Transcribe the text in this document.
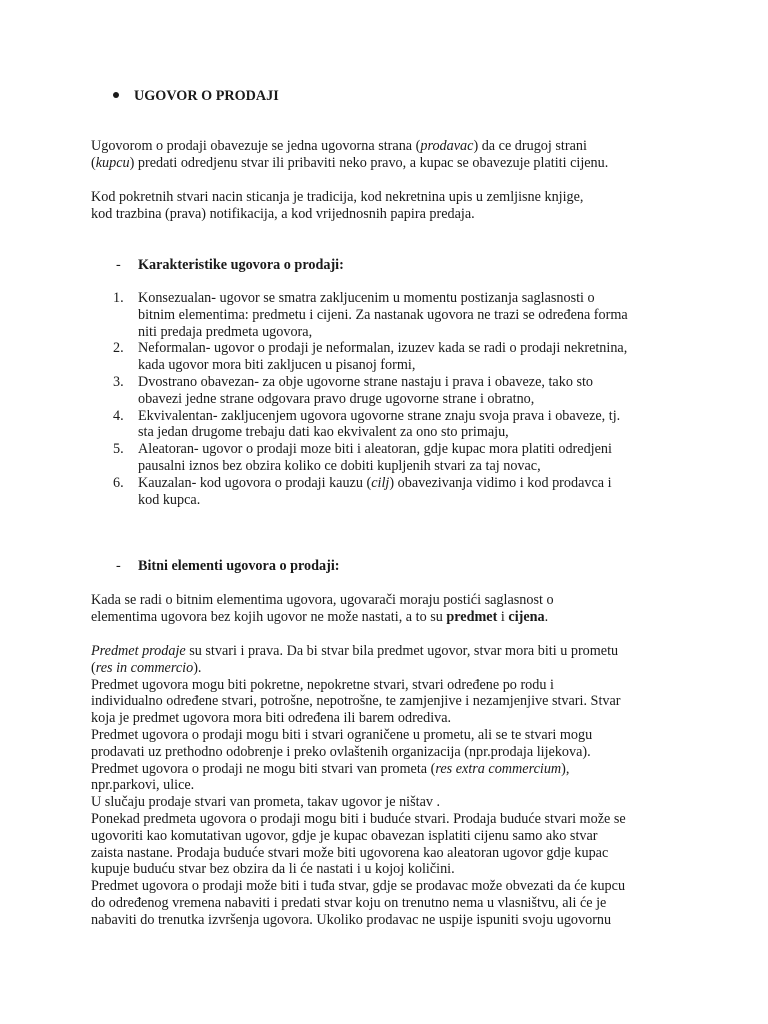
UGOVOR O PRODAJI

Ugovorom o prodaji obavezuje se jedna ugovorna strana (prodavac) da ce drugoj strani

(kupcu) predati odredjenu stvar ili pribaviti neko pravo, a kupac se obavezuje platiti cijenu.

Kod pokretnih stvari nacin sticanja je tradicija, kod nekretnina upis u zemljisne knjige,

kod trazbina (prava) notifikacija, a kod vrijednosnih papira predaja.

- Karakteristike ugovora o prodaji:
1. Konsezualan- ugovor se smatra zakljucenim u momentu postizanja saglasnosti o
bitnim elementima: predmetu i cijeni. Za nastanak ugovora ne trazi se određena forma
niti predaja predmeta ugovora,
2. Neformalan- ugovor o prodaji je neformalan, izuzev kada se radi o prodaji nekretnina,
kada ugovor mora biti zakljucen u pisanoj formi,
3. Dvostrano obavezan- za obje ugovorne strane nastaju i prava i obaveze, tako sto
obavezi jedne strane odgovara pravo druge ugovorne strane i obratno,
4. Ekvivalentan- zakljucenjem ugovora ugovorne strane znaju svoja prava i obaveze, tj.
sta jedan drugome trebaju dati kao ekvivalent za ono sto primaju,
5. Aleatoran- ugovor o prodaji moze biti i aleatoran, gdje kupac mora platiti odredjeni
pausalni iznos bez obzira koliko ce dobiti kupljenih stvari za taj novac,
6. Kauzalan- kod ugovora o prodaji kauzu (cilj) obavezivanja vidimo i kod prodavca i
kod kupca.
- Bitni elementi ugovora o prodaji:

Kada se radi o bitnim elementima ugovora, ugovarači moraju postići saglasnost o

elementima ugovora bez kojih ugovor ne može nastati, a to su predmet i cijena.

Predmet prodaje su stvari i prava. Da bi stvar bila predmet ugovor, stvar mora biti u prometu

(res in commercio).

Predmet ugovora mogu biti pokretne, nepokretne stvari, stvari određene po rodu i

individualno određene stvari, potrošne, nepotrošne, te zamjenjive i nezamjenjive stvari. Stvar

koja je predmet ugovora mora biti određena ili barem odrediva.

Predmet ugovora o prodaji mogu biti i stvari ograničene u prometu, ali se te stvari mogu

prodavati uz prethodno odobrenje i preko ovlaštenih organizacija (npr.prodaja lijekova).

Predmet ugovora o prodaji ne mogu biti stvari van prometa (res extra commercium),

npr.parkovi, ulice.

U slučaju prodaje stvari van prometa, takav ugovor je ništav .

Ponekad predmeta ugovora o prodaji mogu biti i buduće stvari. Prodaja buduće stvari može se

ugovoriti kao komutativan ugovor, gdje je kupac obavezan isplatiti cijenu samo ako stvar

zaista nastane. Prodaja buduće stvari može biti ugovorena kao aleatoran ugovor gdje kupac

kupuje buduću stvar bez obzira da li će nastati i u kojoj količini.

Predmet ugovora o prodaji može biti i tuđa stvar, gdje se prodavac može obvezati da će kupcu

do određenog vremena nabaviti i predati stvar koju on trenutno nema u vlasništvu, ali će je

nabaviti do trenutka izvršenja ugovora. Ukoliko prodavac ne uspije ispuniti svoju ugovornu
